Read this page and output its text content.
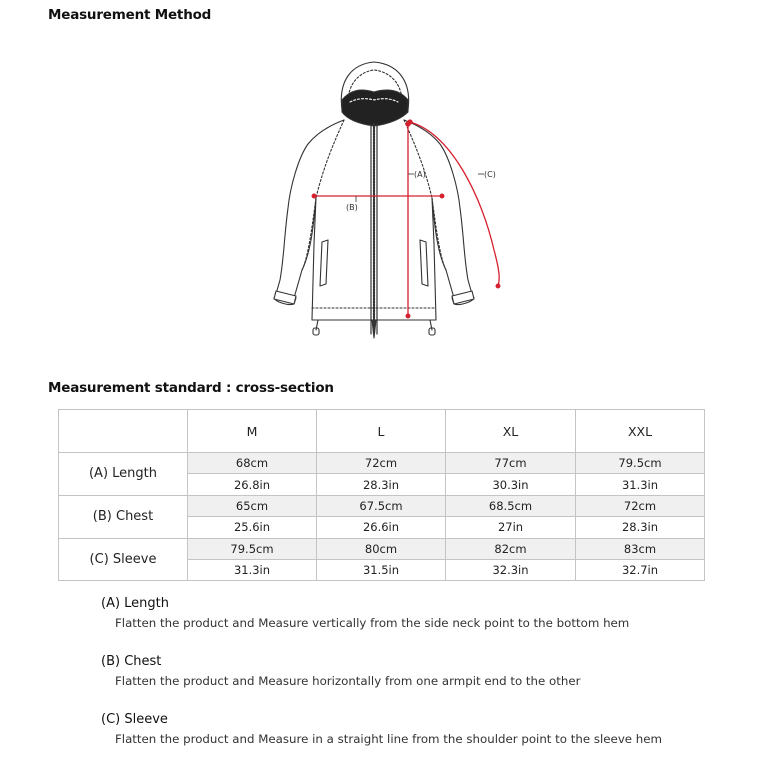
Measurement Method
(B)
(A)	(C)
Measurement standard : cross-section
	M	L	XL	XXL
(A) Length	68cm	72cm	77cm	79.5cm
	26.8in	28.3in	30.3in	31.3in
(B) Chest	65cm	67.5cm	68.5cm	72cm
	25.6in	26.6in	27in	28.3in
(C) Sleeve	79.5cm	80cm	82cm	83cm
	31.3in	31.5in	32.3in	32.7in
(A) Length
Flatten the product and Measure vertically from the side neck point to the bottom hem
(B) Chest
Flatten the product and Measure horizontally from one armpit end to the other
(C) Sleeve
Flatten the product and Measure in a straight line from the shoulder point to the sleeve hem
